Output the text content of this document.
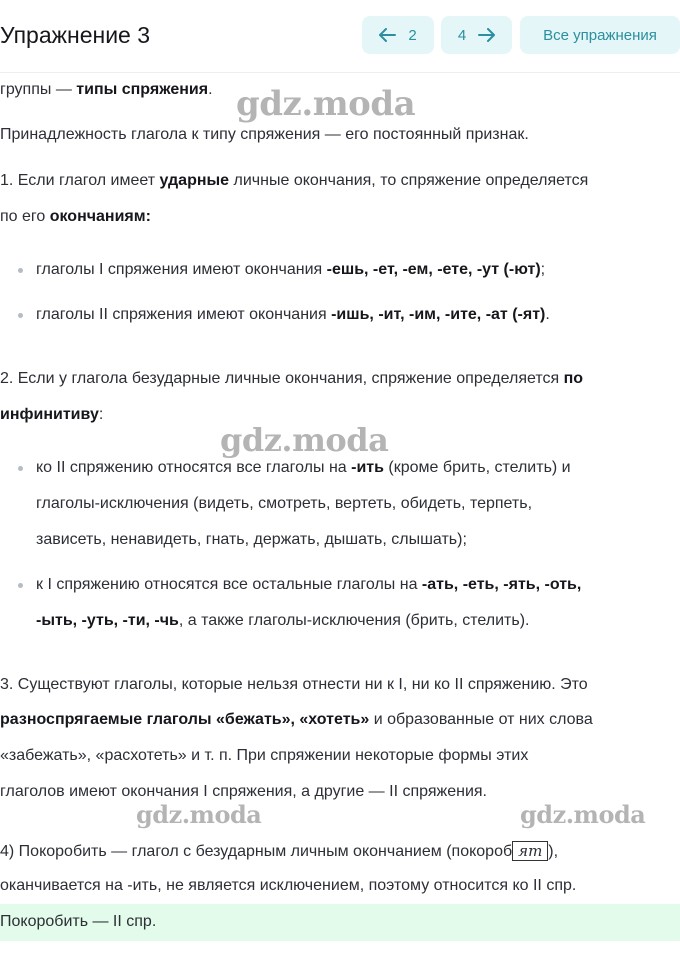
Упражнение 3	2	4	Все упражнения
группы — типы спряжения.
Принадлежность глагола к типу спряжения — его постоянный признак.
1. Если глагол имеет ударные личные окончания, то спряжение определяется
по его окончаниям:
глаголы I спряжения имеют окончания -ешь, -ет, -ем, -ете, -ут (-ют);
глаголы II спряжения имеют окончания -ишь, -ит, -им, -ите, -ат (-ят).
2. Если у глагола безударные личные окончания, спряжение определяется по
инфинитиву:
ко II спряжению относятся все глаголы на -ить (кроме брить, стелить) и
глаголы-исключения (видеть, смотреть, вертеть, обидеть, терпеть,
зависеть, ненавидеть, гнать, держать, дышать, слышать);
к I спряжению относятся все остальные глаголы на -ать, -еть, -ять, -оть,
-ыть, -уть, -ти, -чь, а также глаголы-исключения (брить, стелить).
3. Существуют глаголы, которые нельзя отнести ни к I, ни ко II спряжению. Это
разноспрягаемые глаголы «бежать», «хотеть» и образованные от них слова
«забежать», «расхотеть» и т. п. При спряжении некоторые формы этих
глаголов имеют окончания I спряжения, а другие — II спряжения.
4) Покоробить — глагол с безударным личным окончанием (покороб ят ),
оканчивается на -ить, не является исключением, поэтому относится ко II спр.
gdz.moda
gdz.moda
gdz.moda	gdz.moda
Покоробить — II спр.
